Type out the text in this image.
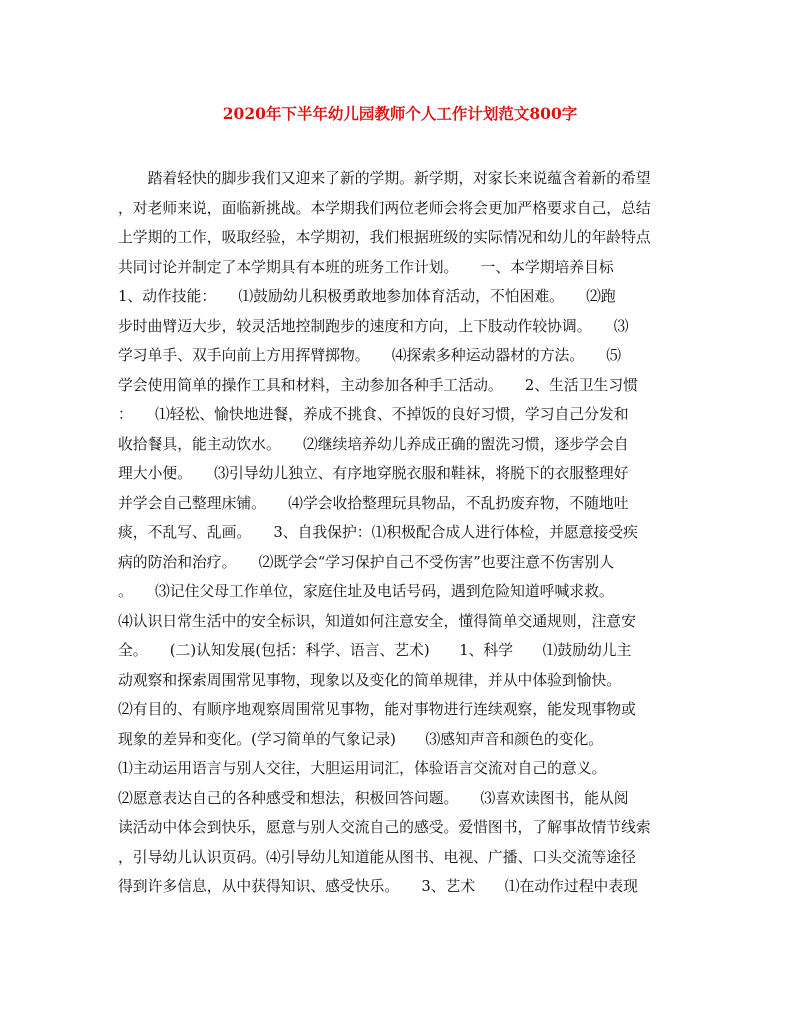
2020年下半年幼儿园教师个人工作计划范文800字
　　踏着轻快的脚步我们又迎来了新的学期。新学期，对家长来说蕴含着新的希望
，对老师来说，面临新挑战。本学期我们两位老师会将会更加严格要求自己，总结
上学期的工作，吸取经验，本学期初，我们根据班级的实际情况和幼儿的年龄特点
共同讨论并制定了本学期具有本班的班务工作计划。　　一、本学期培养目标
1、动作技能：　　⑴鼓励幼儿积极勇敢地参加体育活动，不怕困难。　　⑵跑
步时曲臂迈大步，较灵活地控制跑步的速度和方向，上下肢动作较协调。　　⑶
学习单手、双手向前上方用挥臂掷物。　　⑷探索多种运动器材的方法。　　⑸
学会使用简单的操作工具和材料，主动参加各种手工活动。　　2、生活卫生习惯
：　　⑴轻松、愉快地进餐，养成不挑食、不掉饭的良好习惯，学习自己分发和
收拾餐具，能主动饮水。　　⑵继续培养幼儿养成正确的盥洗习惯，逐步学会自
理大小便。　　⑶引导幼儿独立、有序地穿脱衣服和鞋袜，将脱下的衣服整理好
并学会自己整理床铺。　　⑷学会收拾整理玩具物品，不乱扔废弃物，不随地吐
痰，不乱写、乱画。　　3、自我保护：⑴积极配合成人进行体检，并愿意接受疾
病的防治和治疗。　　⑵既学会“学习保护自己不受伤害”也要注意不伤害别人
。　　⑶记住父母工作单位，家庭住址及电话号码，遇到危险知道呼喊求救。
⑷认识日常生活中的安全标识，知道如何注意安全，懂得简单交通规则，注意安
全。　　(二)认知发展(包括：科学、语言、艺术)　　1、科学　　⑴鼓励幼儿主
动观察和探索周围常见事物，现象以及变化的简单规律，并从中体验到愉快。
⑵有目的、有顺序地观察周围常见事物，能对事物进行连续观察，能发现事物或
现象的差异和变化。(学习简单的气象记录)　　⑶感知声音和颜色的变化。
⑴主动运用语言与别人交往，大胆运用词汇，体验语言交流对自己的意义。
⑵愿意表达自己的各种感受和想法，积极回答问题。　　⑶喜欢读图书，能从阅
读活动中体会到快乐，愿意与别人交流自己的感受。爱惜图书，了解事故情节线索
，引导幼儿认识页码。⑷引导幼儿知道能从图书、电视、广播、口头交流等途径
得到许多信息，从中获得知识、感受快乐。　　3、艺术　　⑴在动作过程中表现
